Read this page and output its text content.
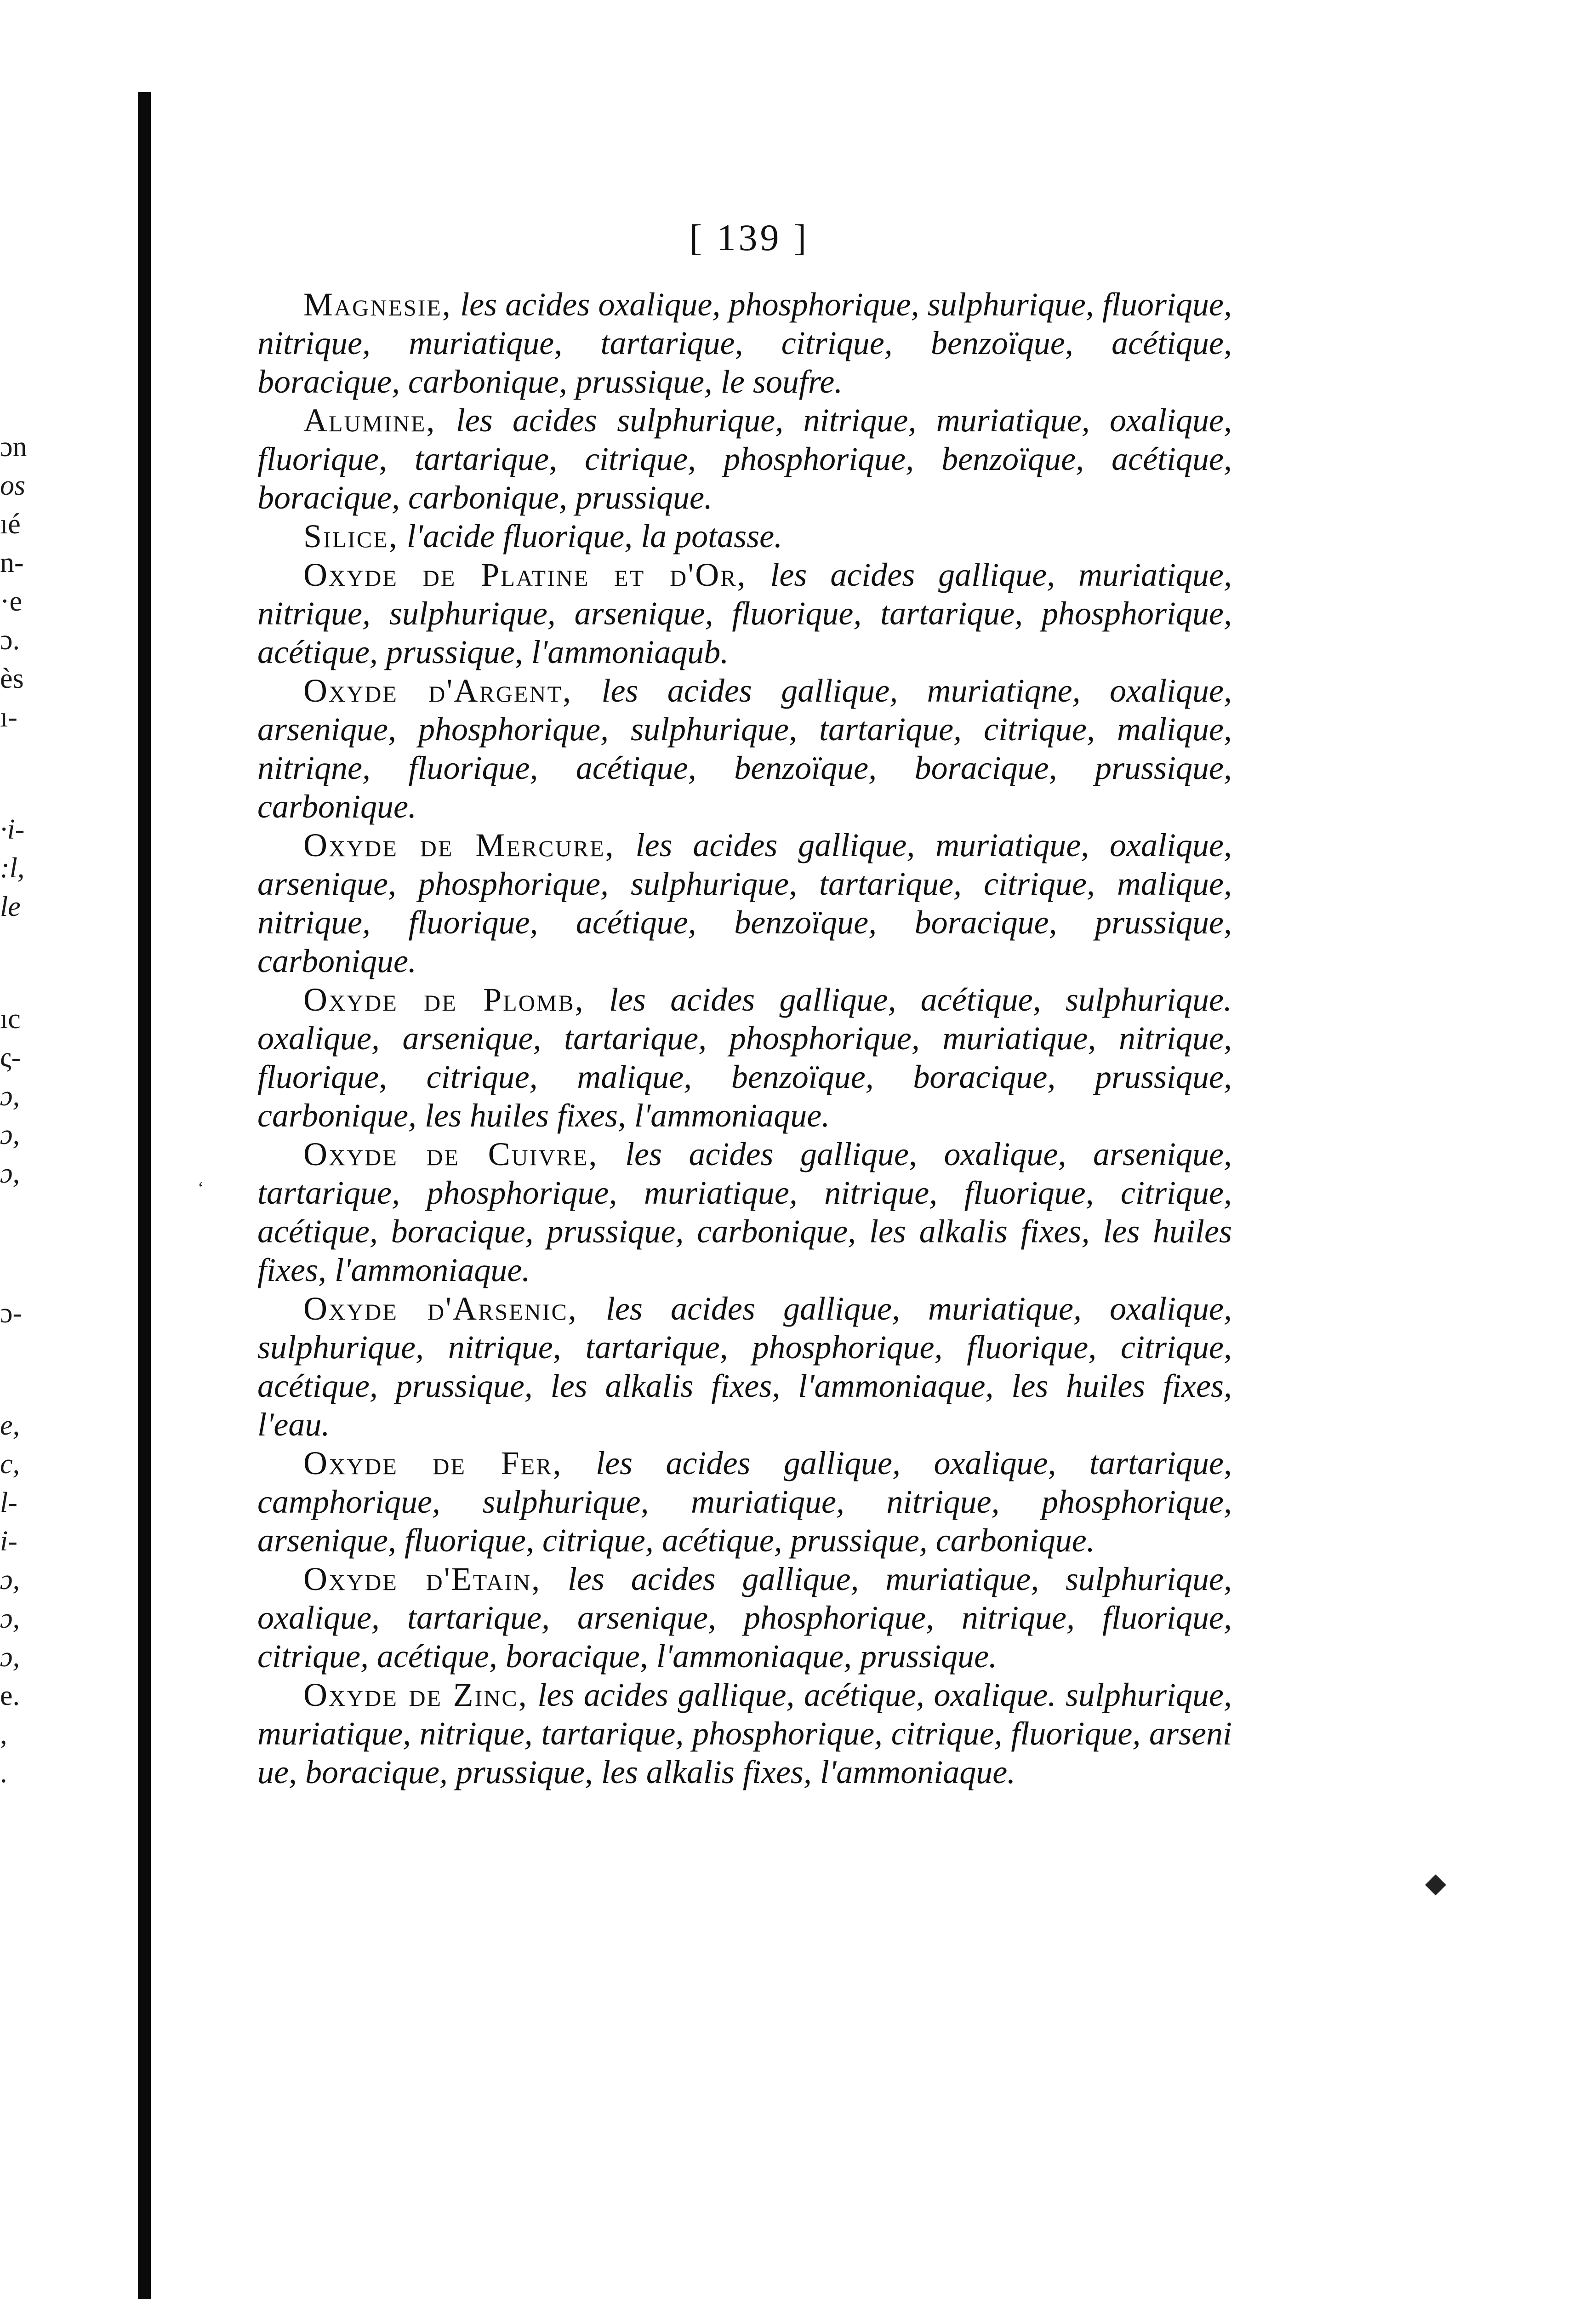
ɔn
os
ıé
n-
·e
ɔ.
ès
ı-
·i-
:l,
le
ıc
ς-
ɔ,
ɔ,
ɔ,
ɔ-
e,
c,
l-
i-
ɔ,
ɔ,
ɔ,
e.
,
.
[ 139 ]

Magnesie, les acides oxalique, phosphorique, sulphurique, fluorique, nitrique, muriatique, tartarique, citrique, benzoïque, acétique, boracique, carbonique, prussique, le soufre.

Alumine, les acides sulphurique, nitrique, muriatique, oxalique, fluorique, tartarique, citrique, phosphorique, benzoïque, acétique, boracique, carbonique, prussique.

Silice, l'acide fluorique, la potasse.

Oxyde de Platine et d'Or, les acides gallique, muriatique, nitrique, sulphurique, arsenique, fluorique, tartarique, phosphorique, acétique, prussique, l'ammoniaqub.

Oxyde d'Argent, les acides gallique, muriatiqne, oxalique, arsenique, phosphorique, sulphurique, tartarique, citrique, malique, nitriqne, fluorique, acétique, benzoïque, boracique, prussique, carbonique.

Oxyde de Mercure, les acides gallique, muriatique, oxalique, arsenique, phosphorique, sulphurique, tartarique, citrique, malique, nitrique, fluorique, acétique, benzoïque, boracique, prussique, carbonique.

Oxyde de Plomb, les acides gallique, acétique, sulphurique. oxalique, arsenique, tartarique, phosphorique, muriatique, nitrique, fluorique, citrique, malique, benzoïque, boracique, prussique, carbonique, les huiles fixes, l'ammoniaque.

Oxyde de Cuivre, les acides gallique, oxalique, arsenique, tartarique, phosphorique, muriatique, nitrique, fluorique, citrique, acétique, boracique, prussique, carbonique, les alkalis fixes, les huiles fixes, l'ammoniaque.

Oxyde d'Arsenic, les acides gallique, muriatique, oxalique, sulphurique, nitrique, tartarique, phosphorique, fluorique, citrique, acétique, prussique, les alkalis fixes, l'ammoniaque, les huiles fixes, l'eau.

Oxyde de Fer, les acides gallique, oxalique, tartarique, camphorique, sulphurique, muriatique, nitrique, phosphorique, arsenique, fluorique, citrique, acétique, prussique, carbonique.

Oxyde d'Etain, les acides gallique, muriatique, sulphurique, oxalique, tartarique, arsenique, phosphorique, nitrique, fluorique, citrique, acétique, boracique, l'ammoniaque, prussique.

Oxyde de Zinc, les acides gallique, acétique, oxalique. sulphurique, muriatique, nitrique, tartarique, phosphorique, citrique, fluorique, arseni ue, boracique, prussique, les alkalis fixes, l'ammoniaque.

◆
‘
